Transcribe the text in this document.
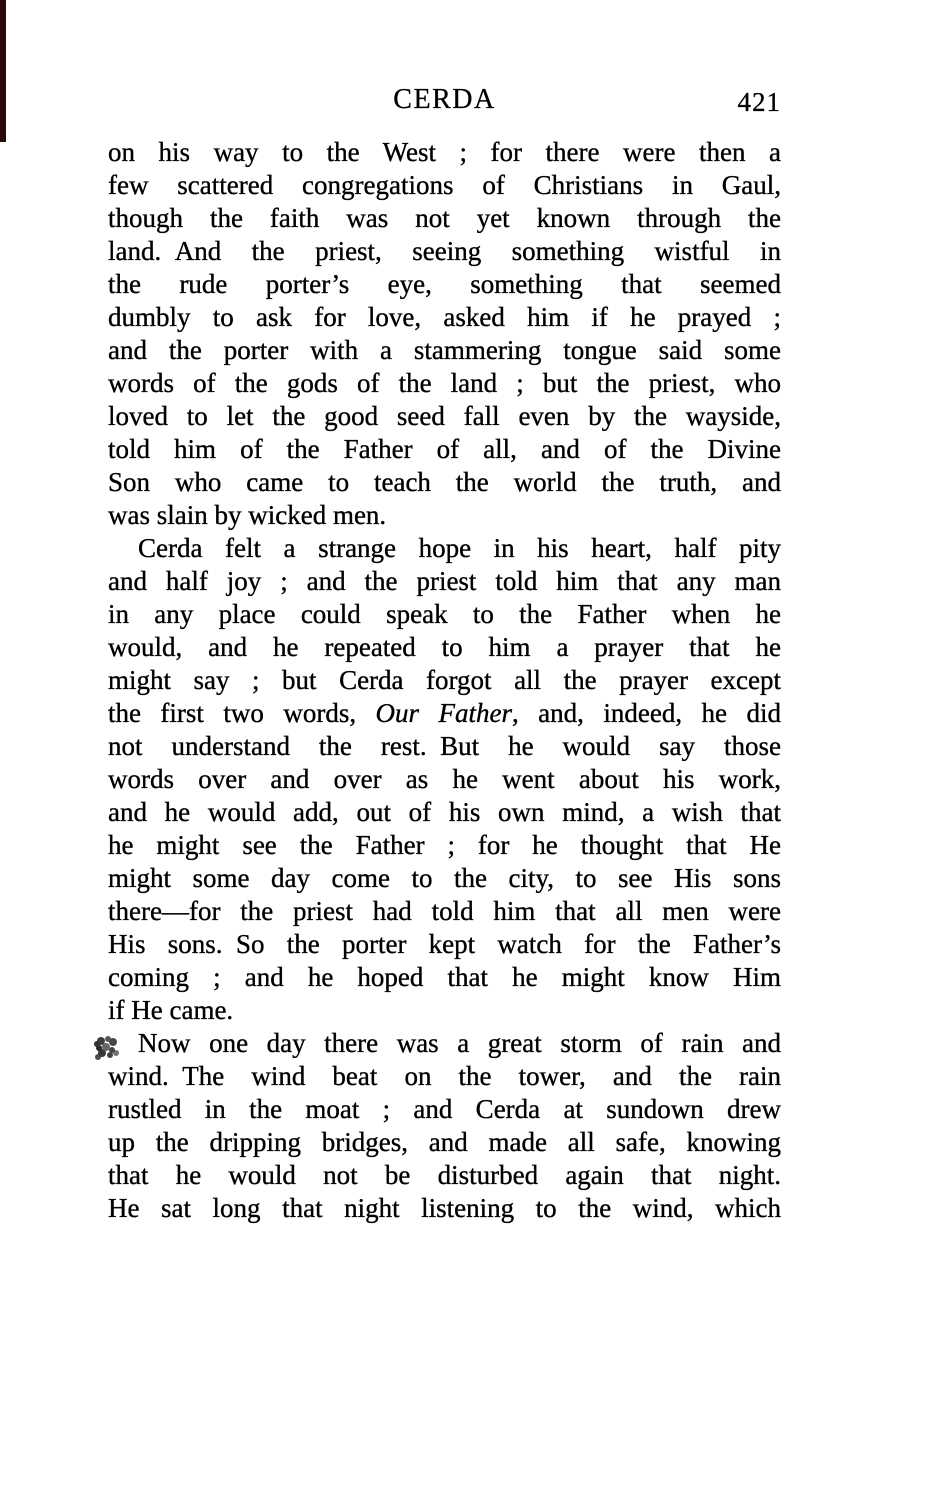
CERDA	421
on his way to the West ; for there were then a
few scattered congregations of Christians in Gaul,
though the faith was not yet known through the
land. And the priest, seeing something wistful in
the rude porter’s eye, something that seemed
dumbly to ask for love, asked him if he prayed ;
and the porter with a stammering tongue said some
words of the gods of the land ; but the priest, who
loved to let the good seed fall even by the wayside,
told him of the Father of all, and of the Divine
Son who came to teach the world the truth, and
was slain by wicked men.
Cerda felt a strange hope in his heart, half pity
and half joy ; and the priest told him that any man
in any place could speak to the Father when he
would, and he repeated to him a prayer that he
might say ; but Cerda forgot all the prayer except
the first two words, Our Father, and, indeed, he did
not understand the rest. But he would say those
words over and over as he went about his work,
and he would add, out of his own mind, a wish that
he might see the Father ; for he thought that He
might some day come to the city, to see His sons
there—for the priest had told him that all men were
His sons. So the porter kept watch for the Father’s
coming ; and he hoped that he might know Him
if He came.
Now one day there was a great storm of rain and
wind. The wind beat on the tower, and the rain
rustled in the moat ; and Cerda at sundown drew
up the dripping bridges, and made all safe, knowing
that he would not be disturbed again that night.
He sat long that night listening to the wind, which
